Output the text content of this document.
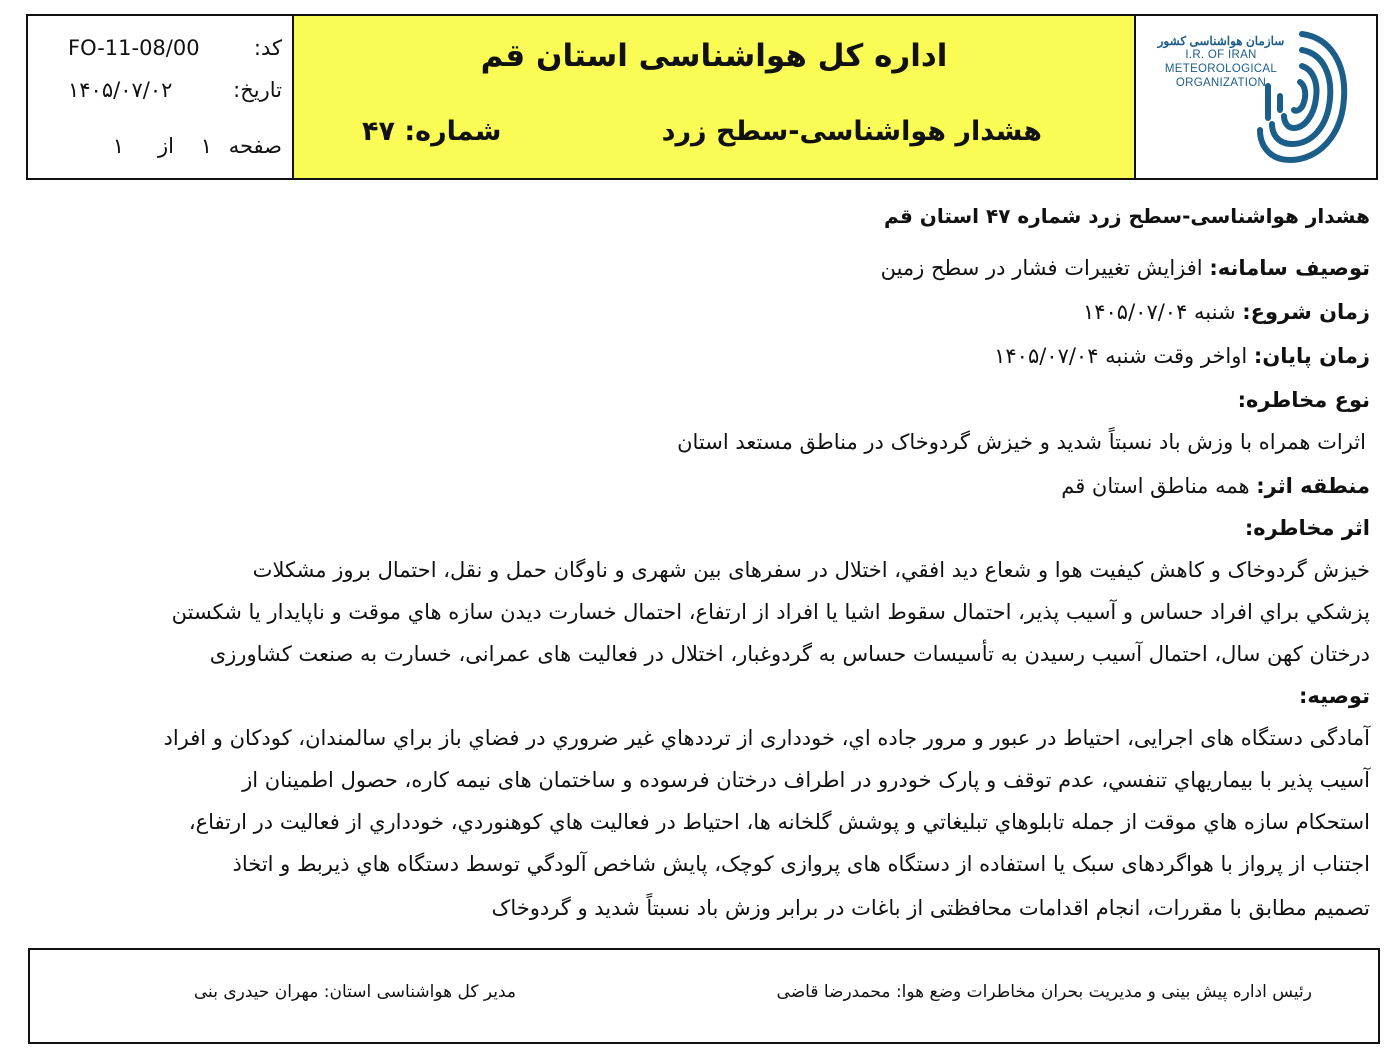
کد:
FO-11-08/00
تاریخ:
۱۴۰۵/۰۷/۰۲
صفحه
۱
از
۱
اداره کل هواشناسی استان قم
هشدار هواشناسی-سطح زرد
شماره: ۴۷
سازمان هواشناسی کشور
I.R. OF IRAN
METEOROLOGICAL
ORGANIZATION
هشدار هواشناسی-سطح زرد شماره ۴۷ استان قم
توصیف سامانه: افزایش تغییرات فشار در سطح زمین
زمان شروع: شنبه ۱۴۰۵/۰۷/۰۴
زمان پایان: اواخر وقت شنبه ۱۴۰۵/۰۷/۰۴
نوع مخاطره:
اثرات همراه با وزش باد نسبتاً شدید و خیزش گردوخاک در مناطق مستعد استان
منطقه اثر: همه مناطق استان قم
اثر مخاطره:
خیزش گردوخاک و کاهش کیفیت هوا و شعاع دید افقي، اختلال در سفرهای بین شهری و ناوگان حمل و نقل، احتمال بروز مشکلات
پزشکي براي افراد حساس و آسیب پذير، احتمال سقوط اشیا یا افراد از ارتفاع، احتمال خسارت دیدن سازه هاي موقت و ناپایدار یا شکستن
درختان کهن سال، احتمال آسیب رسیدن به تأسیسات حساس به گردوغبار، اختلال در فعالیت های عمرانی، خسارت به صنعت کشاورزی
توصیه:
آمادگی دستگاه های اجرایی، احتیاط در عبور و مرور جاده اي، خودداری از ترددهاي غیر ضروري در فضاي باز براي سالمندان، کودکان و افراد
آسیب پذیر با بیماریهاي تنفسي، عدم توقف و پارک خودرو در اطراف درختان فرسوده و ساختمان های نیمه کاره، حصول اطمینان از
استحکام سازه هاي موقت از جمله تابلوهاي تبلیغاتي و پوشش گلخانه ها، احتیاط در فعالیت هاي کوهنوردي، خودداري از فعالیت در ارتفاع،
اجتناب از پرواز با هواگردهای سبک یا استفاده از دستگاه های پروازی کوچک، پایش شاخص آلودگي توسط دستگاه هاي ذیربط و اتخاذ
تصمیم مطابق با مقررات، انجام اقدامات محافظتی از باغات در برابر وزش باد نسبتاً شدید و گردوخاک
رئیس اداره پیش بینی و مدیریت بحران مخاطرات وضع هوا: محمدرضا قاضی
مدیر کل هواشناسی استان: مهران حیدری بنی
